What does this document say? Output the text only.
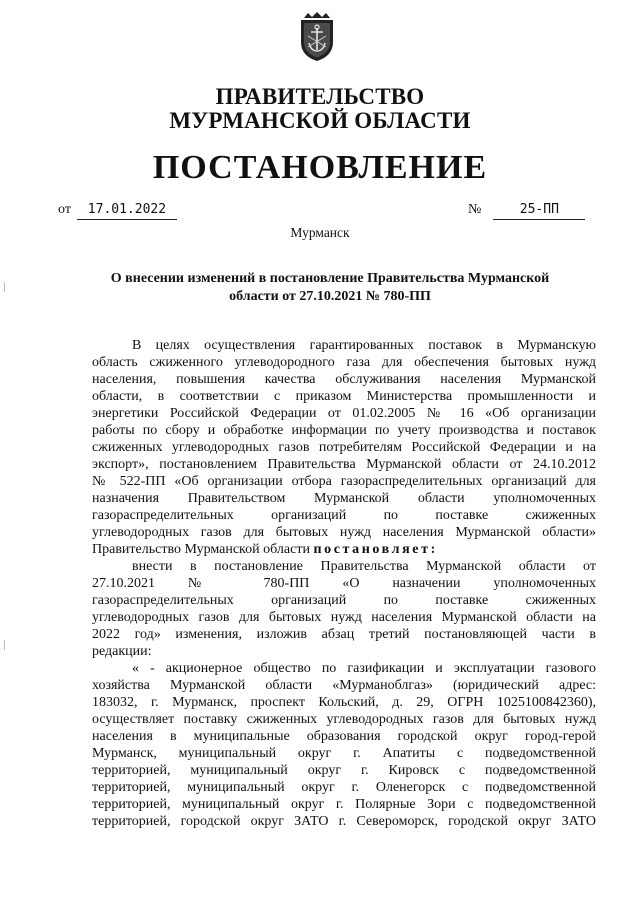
ПРАВИТЕЛЬСТВО
МУРМАНСКОЙ ОБЛАСТИ
ПОСТАНОВЛЕНИЕ
от 17.01.2022	№	25-ПП
Мурманск
О внесении изменений в постановление Правительства Мурманской
области от 27.10.2021 № 780-ПП
В целях осуществления гарантированных поставок в Мурманскую
область сжиженного углеводородного газа для обеспечения бытовых нужд
населения, повышения качества обслуживания населения Мурманской
области, в соответствии с приказом Министерства промышленности и
энергетики Российской Федерации от 01.02.2005 № 16 «Об организации
работы по сбору и обработке информации по учету производства и поставок
сжиженных углеводородных газов потребителям Российской Федерации и на
экспорт», постановлением Правительства Мурманской области от 24.10.2012
№ 522-ПП «Об организации отбора газораспределительных организаций для
назначения Правительством Мурманской области уполномоченных
газораспределительных организаций по поставке сжиженных
углеводородных газов для бытовых нужд населения Мурманской области»
Правительство Мурманской области постановляет:
внести в постановление Правительства Мурманской области от
27.10.2021 № 780-ПП «О назначении уполномоченных
газораспределительных организаций по поставке сжиженных
углеводородных газов для бытовых нужд населения Мурманской области на
2022 год» изменения, изложив абзац третий постановляющей части в
редакции:
« - акционерное общество по газификации и эксплуатации газового
хозяйства Мурманской области «Мурманоблгаз» (юридический адрес:
183032, г. Мурманск, проспект Кольский, д. 29, ОГРН 1025100842360),
осуществляет поставку сжиженных углеводородных газов для бытовых нужд
населения в муниципальные образования городской округ город-герой
Мурманск, муниципальный округ г. Апатиты с подведомственной
территорией, муниципальный округ г. Кировск с подведомственной
территорией, муниципальный округ г. Оленегорск с подведомственной
территорией, муниципальный округ г. Полярные Зори с подведомственной
территорией, городской округ ЗАТО г. Североморск, городской округ ЗАТО
